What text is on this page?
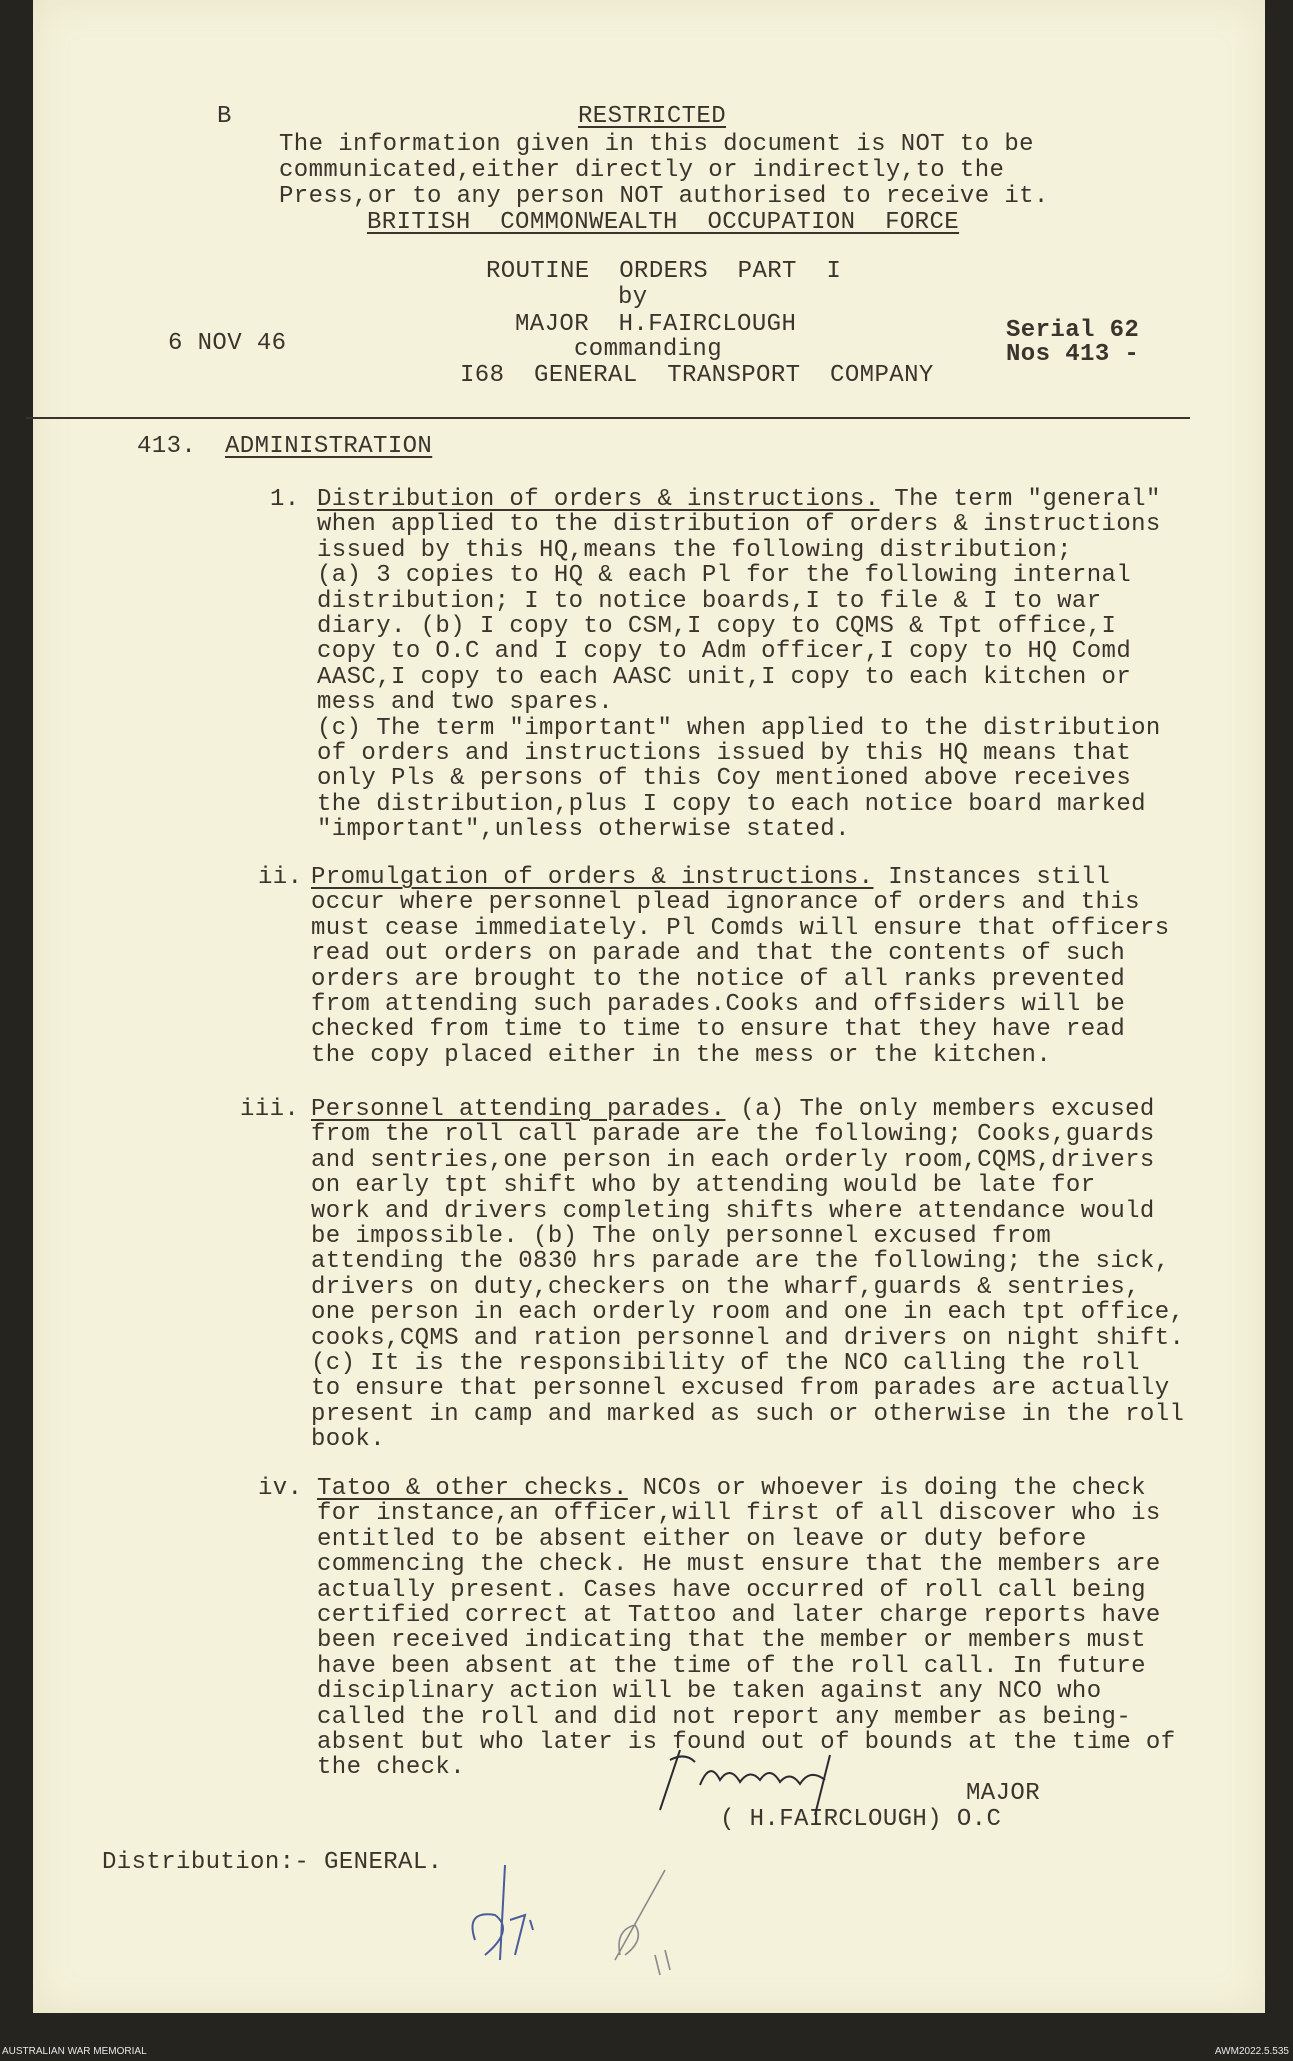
B	RESTRICTED
The information given in this document is NOT to be
communicated,either directly or indirectly,to the
Press,or to any person NOT authorised to receive it.
BRITISH  COMMONWEALTH  OCCUPATION  FORCE
ROUTINE  ORDERS  PART  I
by
MAJOR  H.FAIRCLOUGH
commanding
I68  GENERAL  TRANSPORT  COMPANY
6 NOV 46	Serial 62
Nos 413 -
413. ADMINISTRATION
1. Distribution of orders & instructions. The term "general"
when applied to the distribution of orders & instructions
issued by this HQ,means the following distribution;
(a) 3 copies to HQ & each Pl for the following internal
distribution; I to notice boards,I to file & I to war
diary. (b) I copy to CSM,I copy to CQMS & Tpt office,I
copy to O.C and I copy to Adm officer,I copy to HQ Comd
AASC,I copy to each AASC unit,I copy to each kitchen or
mess and two spares.
(c) The term "important" when applied to the distribution
of orders and instructions issued by this HQ means that
only Pls & persons of this Coy mentioned above receives
the distribution,plus I copy to each notice board marked
"important",unless otherwise stated.
ii. Promulgation of orders & instructions. Instances still
occur where personnel plead ignorance of orders and this
must cease immediately. Pl Comds will ensure that officers
read out orders on parade and that the contents of such
orders are brought to the notice of all ranks prevented
from attending such parades.Cooks and offsiders will be
checked from time to time to ensure that they have read
the copy placed either in the mess or the kitchen.
iii. Personnel attending parades. (a) The only members excused
from the roll call parade are the following; Cooks,guards
and sentries,one person in each orderly room,CQMS,drivers
on early tpt shift who by attending would be late for
work and drivers completing shifts where attendance would
be impossible. (b) The only personnel excused from
attending the 0830 hrs parade are the following; the sick,
drivers on duty,checkers on the wharf,guards & sentries,
one person in each orderly room and one in each tpt office,
cooks,CQMS and ration personnel and drivers on night shift.
(c) It is the responsibility of the NCO calling the roll
to ensure that personnel excused from parades are actually
present in camp and marked as such or otherwise in the roll
book.
iv. Tatoo & other checks. NCOs or whoever is doing the check
for instance,an officer,will first of all discover who is
entitled to be absent either on leave or duty before
commencing the check. He must ensure that the members are
actually present. Cases have occurred of roll call being
certified correct at Tattoo and later charge reports have
been received indicating that the member or members must
have been absent at the time of the roll call. In future
disciplinary action will be taken against any NCO who
called the roll and did not report any member as being-
absent but who later is found out of bounds at the time of
the check.
MAJOR
( H.FAIRCLOUGH) O.C
Distribution:- GENERAL.
AUSTRALIAN WAR MEMORIAL	AWM2022.5.535
